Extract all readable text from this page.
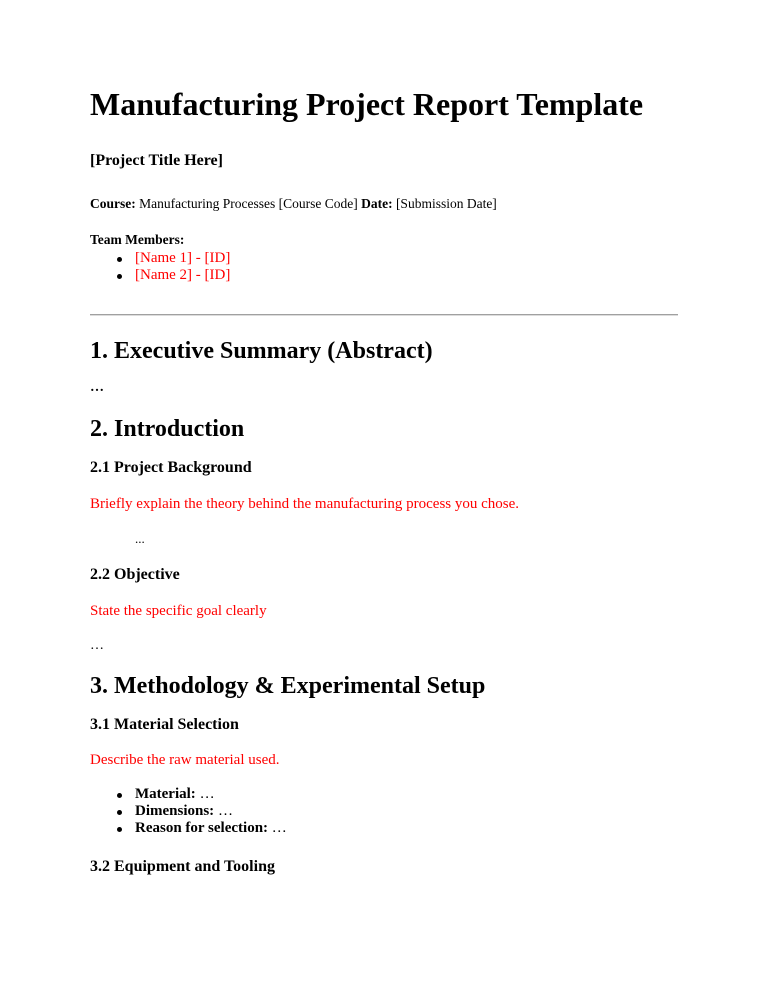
Manufacturing Project Report Template
[Project Title Here]
Course: Manufacturing Processes [Course Code] Date: [Submission Date]
Team Members:
[Name 1] - [ID]
[Name 2] - [ID]
1. Executive Summary (Abstract)
…
2. Introduction
2.1 Project Background
Briefly explain the theory behind the manufacturing process you chose.
...
2.2 Objective
State the specific goal clearly
…
3. Methodology & Experimental Setup
3.1 Material Selection
Describe the raw material used.
Material: …
Dimensions: …
Reason for selection: …
3.2 Equipment and Tooling
